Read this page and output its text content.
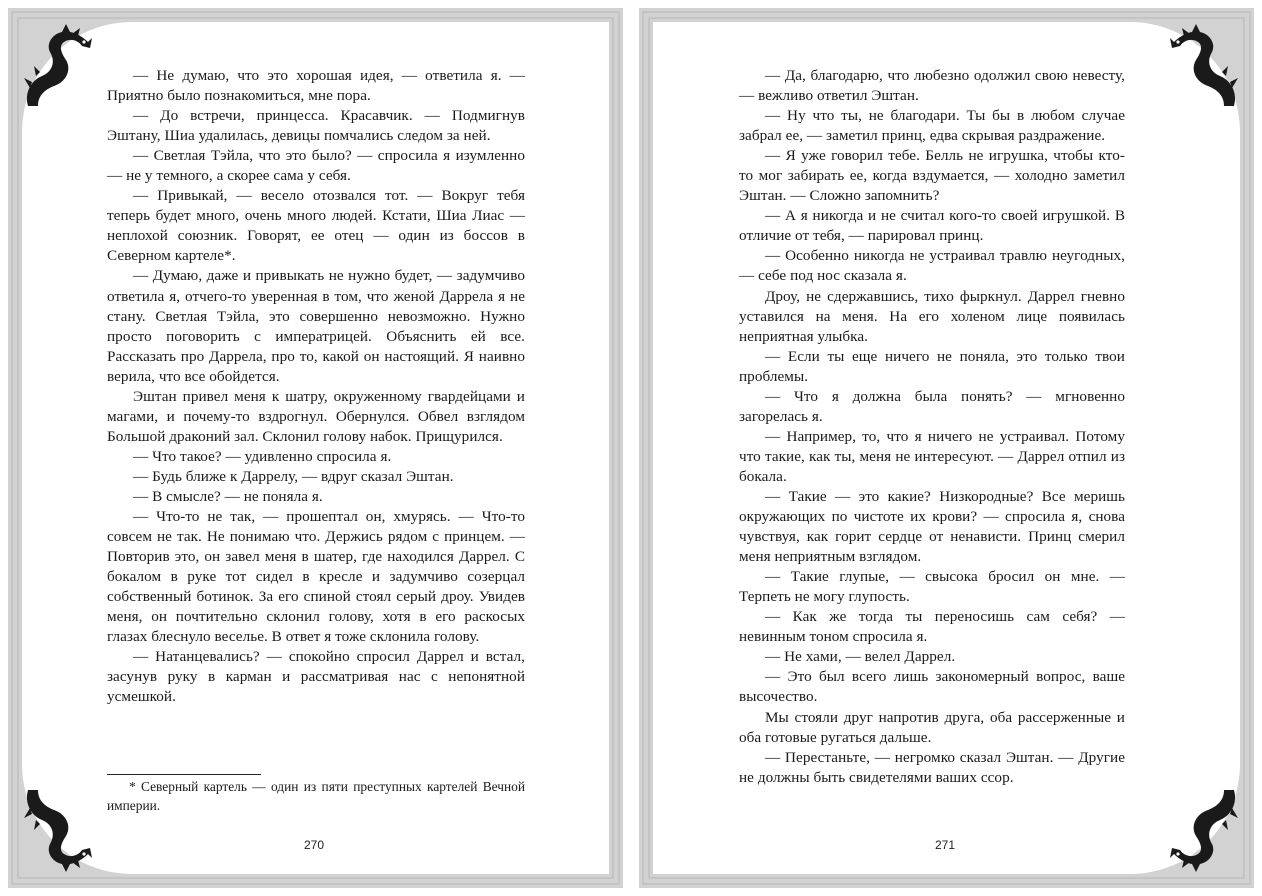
— Не думаю, что это хорошая идея, — ответила я. — Приятно было познакомиться, мне пора.

— До встречи, принцесса. Красавчик. — Подмигнув Эштану, Шиа удалилась, девицы помчались следом за ней.

— Светлая Тэйла, что это было? — спросила я изумленно — не у темного, а скорее сама у себя.

— Привыкай, — весело отозвался тот. — Вокруг тебя теперь будет много, очень много людей. Кстати, Шиа Лиас — неплохой союзник. Говорят, ее отец — один из боссов в Северном картеле*.

— Думаю, даже и привыкать не нужно будет, — задумчиво ответила я, отчего-то уверенная в том, что женой Даррела я не стану. Светлая Тэйла, это совершенно невозможно. Нужно просто поговорить с императрицей. Объяснить ей все. Рассказать про Даррела, про то, какой он настоящий. Я наивно верила, что все обойдется.

Эштан привел меня к шатру, окруженному гвардейцами и магами, и почему-то вздрогнул. Обернулся. Обвел взглядом Большой драконий зал. Склонил голову набок. Прищурился.

— Что такое? — удивленно спросила я.

— Будь ближе к Даррелу, — вдруг сказал Эштан.

— В смысле? — не поняла я.

— Что-то не так, — прошептал он, хмурясь. — Что-то совсем не так. Не понимаю что. Держись рядом с принцем. — Повторив это, он завел меня в шатер, где находился Даррел. С бокалом в руке тот сидел в кресле и задумчиво созерцал собственный ботинок. За его спиной стоял серый дроу. Увидев меня, он почтительно склонил голову, хотя в его раскосых глазах блеснуло веселье. В ответ я тоже склонила голову.

— Натанцевались? — спокойно спросил Даррел и встал, засунув руку в карман и рассматривая нас с непонятной усмешкой.

* Северный картель — один из пяти преступных картелей Вечной империи.

270

— Да, благодарю, что любезно одолжил свою невесту, — вежливо ответил Эштан.

— Ну что ты, не благодари. Ты бы в любом случае забрал ее, — заметил принц, едва скрывая раздражение.

— Я уже говорил тебе. Белль не игрушка, чтобы кто-то мог забирать ее, когда вздумается, — холодно заметил Эштан. — Сложно запомнить?

— А я никогда и не считал кого-то своей игрушкой. В отличие от тебя, — парировал принц.

— Особенно никогда не устраивал травлю неугодных, — себе под нос сказала я.

Дроу, не сдержавшись, тихо фыркнул. Даррел гневно уставился на меня. На его холеном лице появилась неприятная улыбка.

— Если ты еще ничего не поняла, это только твои проблемы.

— Что я должна была понять? — мгновенно загорелась я.

— Например, то, что я ничего не устраивал. Потому что такие, как ты, меня не интересуют. — Даррел отпил из бокала.

— Такие — это какие? Низкородные? Все меришь окружающих по чистоте их крови? — спросила я, снова чувствуя, как горит сердце от ненависти. Принц смерил меня неприятным взглядом.

— Такие глупые, — свысока бросил он мне. — Терпеть не могу глупость.

— Как же тогда ты переносишь сам себя? — невинным тоном спросила я.

— Не хами, — велел Даррел.

— Это был всего лишь закономерный вопрос, ваше высочество.

Мы стояли друг напротив друга, оба рассерженные и оба готовые ругаться дальше.

— Перестаньте, — негромко сказал Эштан. — Другие не должны быть свидетелями ваших ссор.

271
